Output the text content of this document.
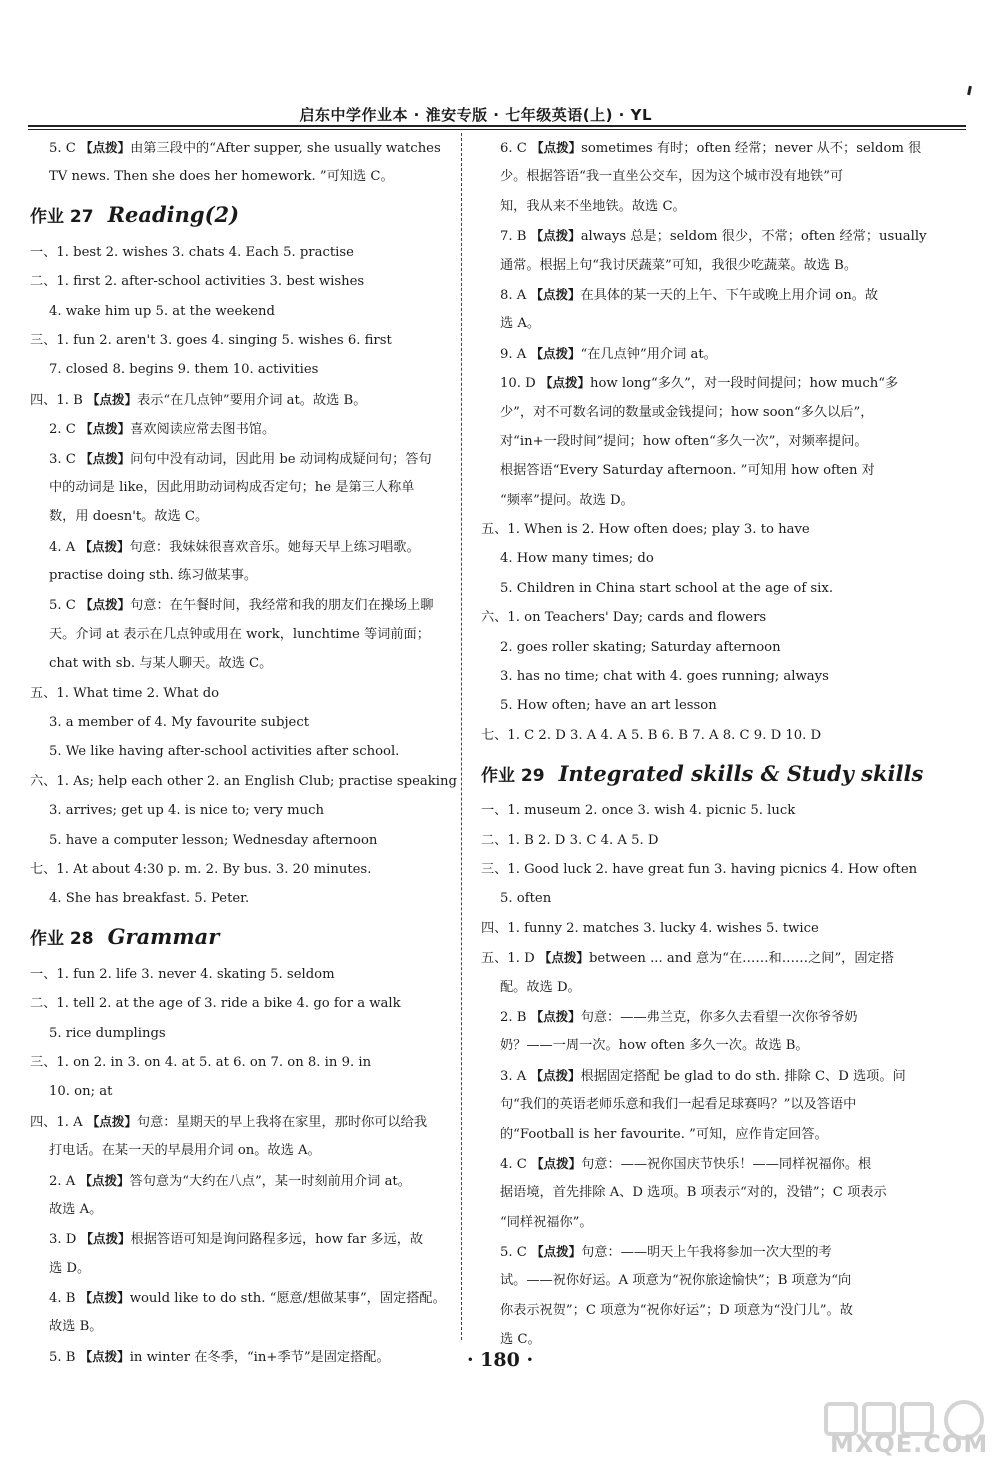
启东中学作业本 · 淮安专版 · 七年级英语(上) · YL
5. C 【点拨】由第三段中的“After supper, she usually watches
TV news. Then she does her homework. ”可知选 C。
作业 27 Reading(2)
一、1. best 2. wishes 3. chats 4. Each 5. practise
二、1. first 2. after-school activities 3. best wishes
4. wake him up 5. at the weekend
三、1. fun 2. aren't 3. goes 4. singing 5. wishes 6. first
7. closed 8. begins 9. them 10. activities
四、1. B 【点拨】表示“在几点钟”要用介词 at。故选 B。
2. C 【点拨】喜欢阅读应常去图书馆。
3. C 【点拨】问句中没有动词，因此用 be 动词构成疑问句；答句
中的动词是 like，因此用助动词构成否定句；he 是第三人称单
数，用 doesn't。故选 C。
4. A 【点拨】句意：我妹妹很喜欢音乐。她每天早上练习唱歌。
practise doing sth. 练习做某事。
5. C 【点拨】句意：在午餐时间，我经常和我的朋友们在操场上聊
天。介词 at 表示在几点钟或用在 work，lunchtime 等词前面；
chat with sb. 与某人聊天。故选 C。
五、1. What time 2. What do
3. a member of 4. My favourite subject
5. We like having after-school activities after school.
六、1. As; help each other 2. an English Club; practise speaking
3. arrives; get up 4. is nice to; very much
5. have a computer lesson; Wednesday afternoon
七、1. At about 4:30 p. m. 2. By bus. 3. 20 minutes.
4. She has breakfast. 5. Peter.
作业 28 Grammar
一、1. fun 2. life 3. never 4. skating 5. seldom
二、1. tell 2. at the age of 3. ride a bike 4. go for a walk
5. rice dumplings
三、1. on 2. in 3. on 4. at 5. at 6. on 7. on 8. in 9. in
10. on; at
四、1. A 【点拨】句意：星期天的早上我将在家里，那时你可以给我
打电话。在某一天的早晨用介词 on。故选 A。
2. A 【点拨】答句意为“大约在八点”，某一时刻前用介词 at。
故选 A。
3. D 【点拨】根据答语可知是询问路程多远，how far 多远，故
选 D。
4. B 【点拨】would like to do sth. “愿意/想做某事”，固定搭配。
故选 B。
5. B 【点拨】in winter 在冬季，“in+季节”是固定搭配。
6. C 【点拨】sometimes 有时；often 经常；never 从不；seldom 很
少。根据答语“我一直坐公交车，因为这个城市没有地铁”可
知，我从来不坐地铁。故选 C。
7. B 【点拨】always 总是；seldom 很少，不常；often 经常；usually
通常。根据上句“我讨厌蔬菜”可知，我很少吃蔬菜。故选 B。
8. A 【点拨】在具体的某一天的上午、下午或晚上用介词 on。故
选 A。
9. A 【点拨】“在几点钟”用介词 at。
10. D 【点拨】how long“多久”，对一段时间提问；how much“多
少”，对不可数名词的数量或金钱提问；how soon“多久以后”，
对“in+一段时间”提问；how often“多久一次”，对频率提问。
根据答语“Every Saturday afternoon. ”可知用 how often 对
“频率”提问。故选 D。
五、1. When is 2. How often does; play 3. to have
4. How many times; do
5. Children in China start school at the age of six.
六、1. on Teachers' Day; cards and flowers
2. goes roller skating; Saturday afternoon
3. has no time; chat with 4. goes running; always
5. How often; have an art lesson
七、1. C 2. D 3. A 4. A 5. B 6. B 7. A 8. C 9. D 10. D
作业 29 Integrated skills & Study skills
一、1. museum 2. once 3. wish 4. picnic 5. luck
二、1. B 2. D 3. C 4. A 5. D
三、1. Good luck 2. have great fun 3. having picnics 4. How often
5. often
四、1. funny 2. matches 3. lucky 4. wishes 5. twice
五、1. D 【点拨】between ... and 意为“在……和……之间”，固定搭
配。故选 D。
2. B 【点拨】句意：——弗兰克，你多久去看望一次你爷爷奶
奶？——一周一次。how often 多久一次。故选 B。
3. A 【点拨】根据固定搭配 be glad to do sth. 排除 C、D 选项。问
句“我们的英语老师乐意和我们一起看足球赛吗？”以及答语中
的“Football is her favourite. ”可知，应作肯定回答。
4. C 【点拨】句意：——祝你国庆节快乐！——同样祝福你。根
据语境，首先排除 A、D 选项。B 项表示“对的，没错”；C 项表示
“同样祝福你”。
5. C 【点拨】句意：——明天上午我将参加一次大型的考
试。——祝你好运。A 项意为“祝你旅途愉快”；B 项意为“向
你表示祝贺”；C 项意为“祝你好运”；D 项意为“没门儿”。故
选 C。
· 180 ·
MXQE.COM
